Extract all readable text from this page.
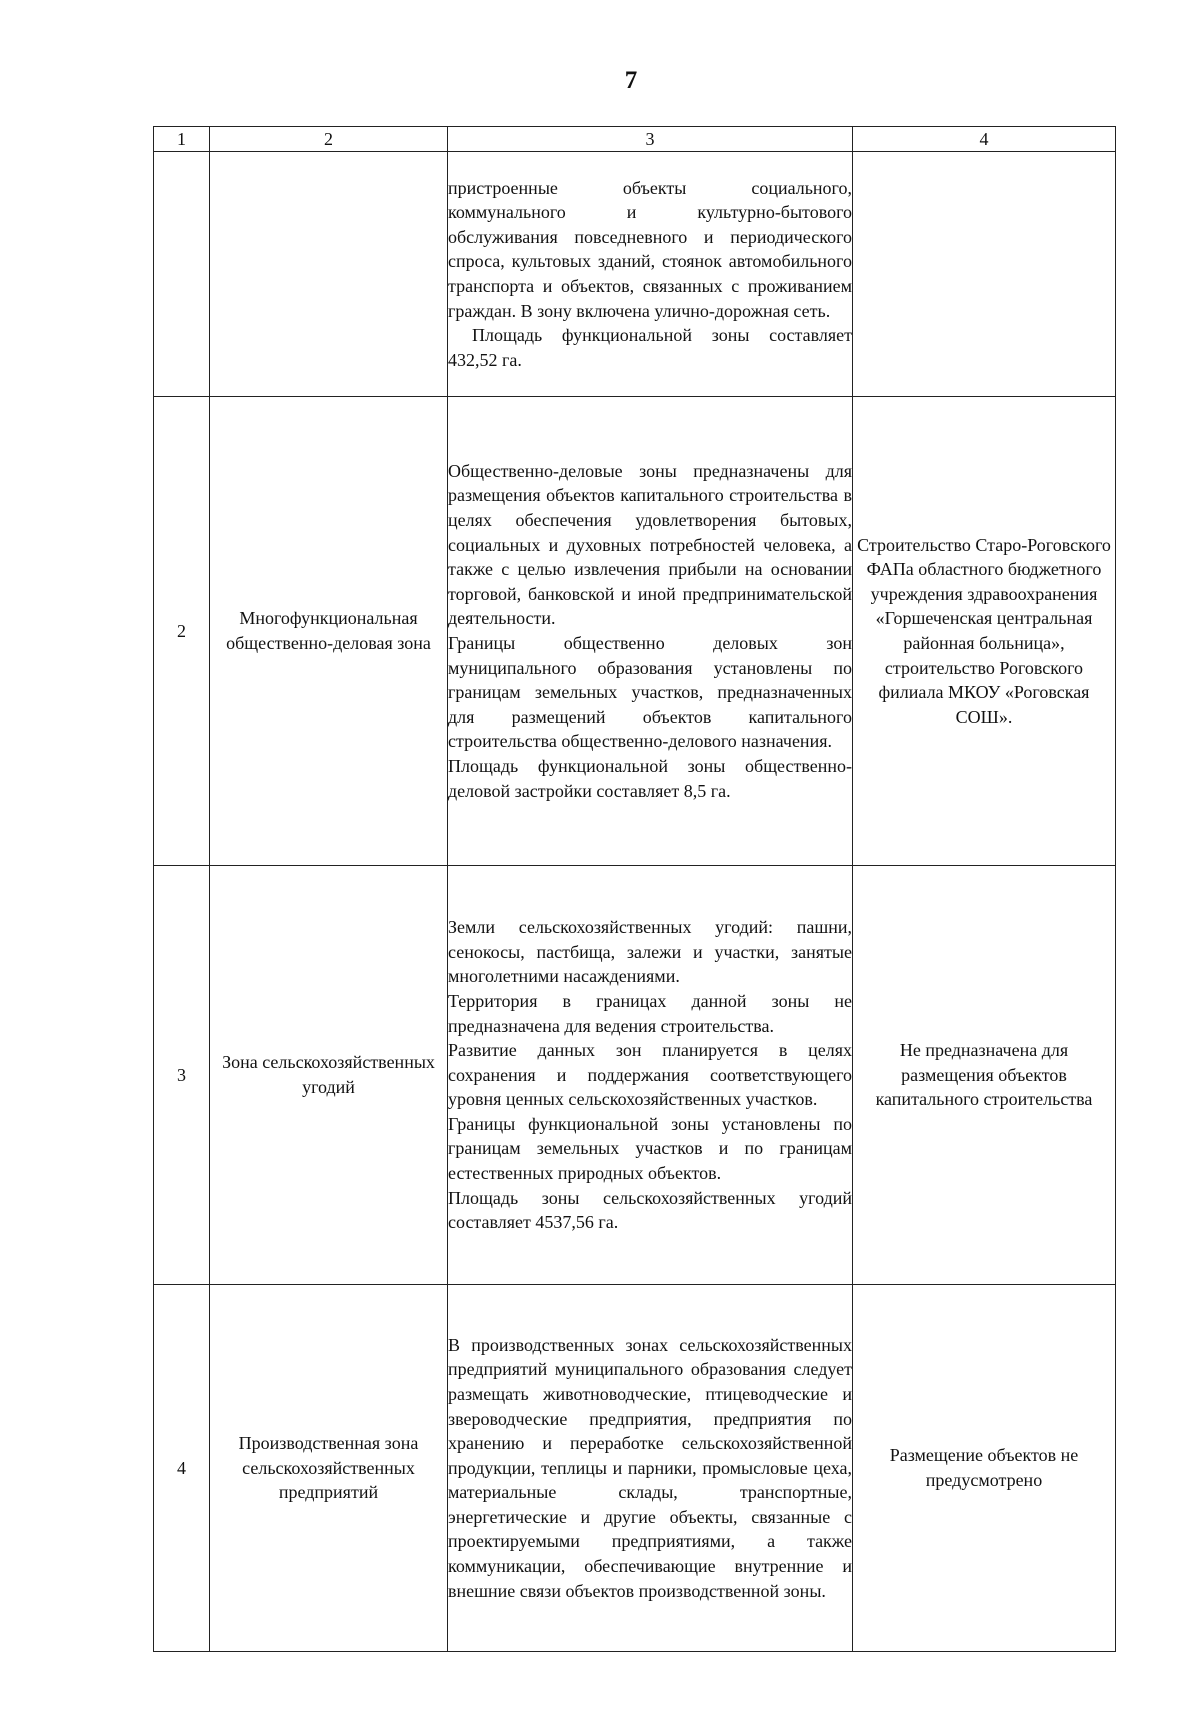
7
1	2	3	4

		пристроенные объекты социального, коммунального и культурно-бытового обслуживания повседневного и периодического спроса, культовых зданий, стоянок автомобильного транспорта и объектов, связанных с проживанием граждан. В зону включена улично-дорожная сеть.
Площадь функциональной зоны составляет 432,52 га.	

2	Многофункциональная общественно-деловая зона	Общественно-деловые зоны предназначены для размещения объектов капитального строительства в целях обеспечения удовлетворения бытовых, социальных и духовных потребностей человека, а также с целью извлечения прибыли на основании торговой, банковской и иной предпринимательской деятельности.
Границы общественно деловых зон муниципального образования установлены по границам земельных участков, предназначенных для размещений объектов капитального строительства общественно-делового назначения.
Площадь функциональной зоны общественно-деловой застройки составляет 8,5 га.	Строительство Старо-Роговского ФАПа областного бюджетного учреждения здравоохранения «Горшеченская центральная районная больница», строительство Роговского филиала МКОУ «Роговская СОШ».
3	Зона сельскохозяйственных угодий	Земли сельскохозяйственных угодий: пашни, сенокосы, пастбища, залежи и участки, занятые многолетними насаждениями.
Территория в границах данной зоны не предназначена для ведения строительства.
Развитие данных зон планируется в целях сохранения и поддержания соответствующего уровня ценных сельскохозяйственных участков.
Границы функциональной зоны установлены по границам земельных участков и по границам естественных природных объектов.
Площадь зоны сельскохозяйственных угодий составляет 4537,56 га.	Не предназначена для размещения объектов капитального строительства
4	Производственная зона сельскохозяйственных предприятий	В производственных зонах сельскохозяйственных предприятий муниципального образования следует размещать животноводческие, птицеводческие и звероводческие предприятия, предприятия по хранению и переработке сельскохозяйственной продукции, теплицы и парники, промысловые цеха, материальные склады, транспортные, энергетические и другие объекты, связанные с проектируемыми предприятиями, а также коммуникации, обеспечивающие внутренние и внешние связи объектов производственной зоны.	Размещение объектов не предусмотрено
